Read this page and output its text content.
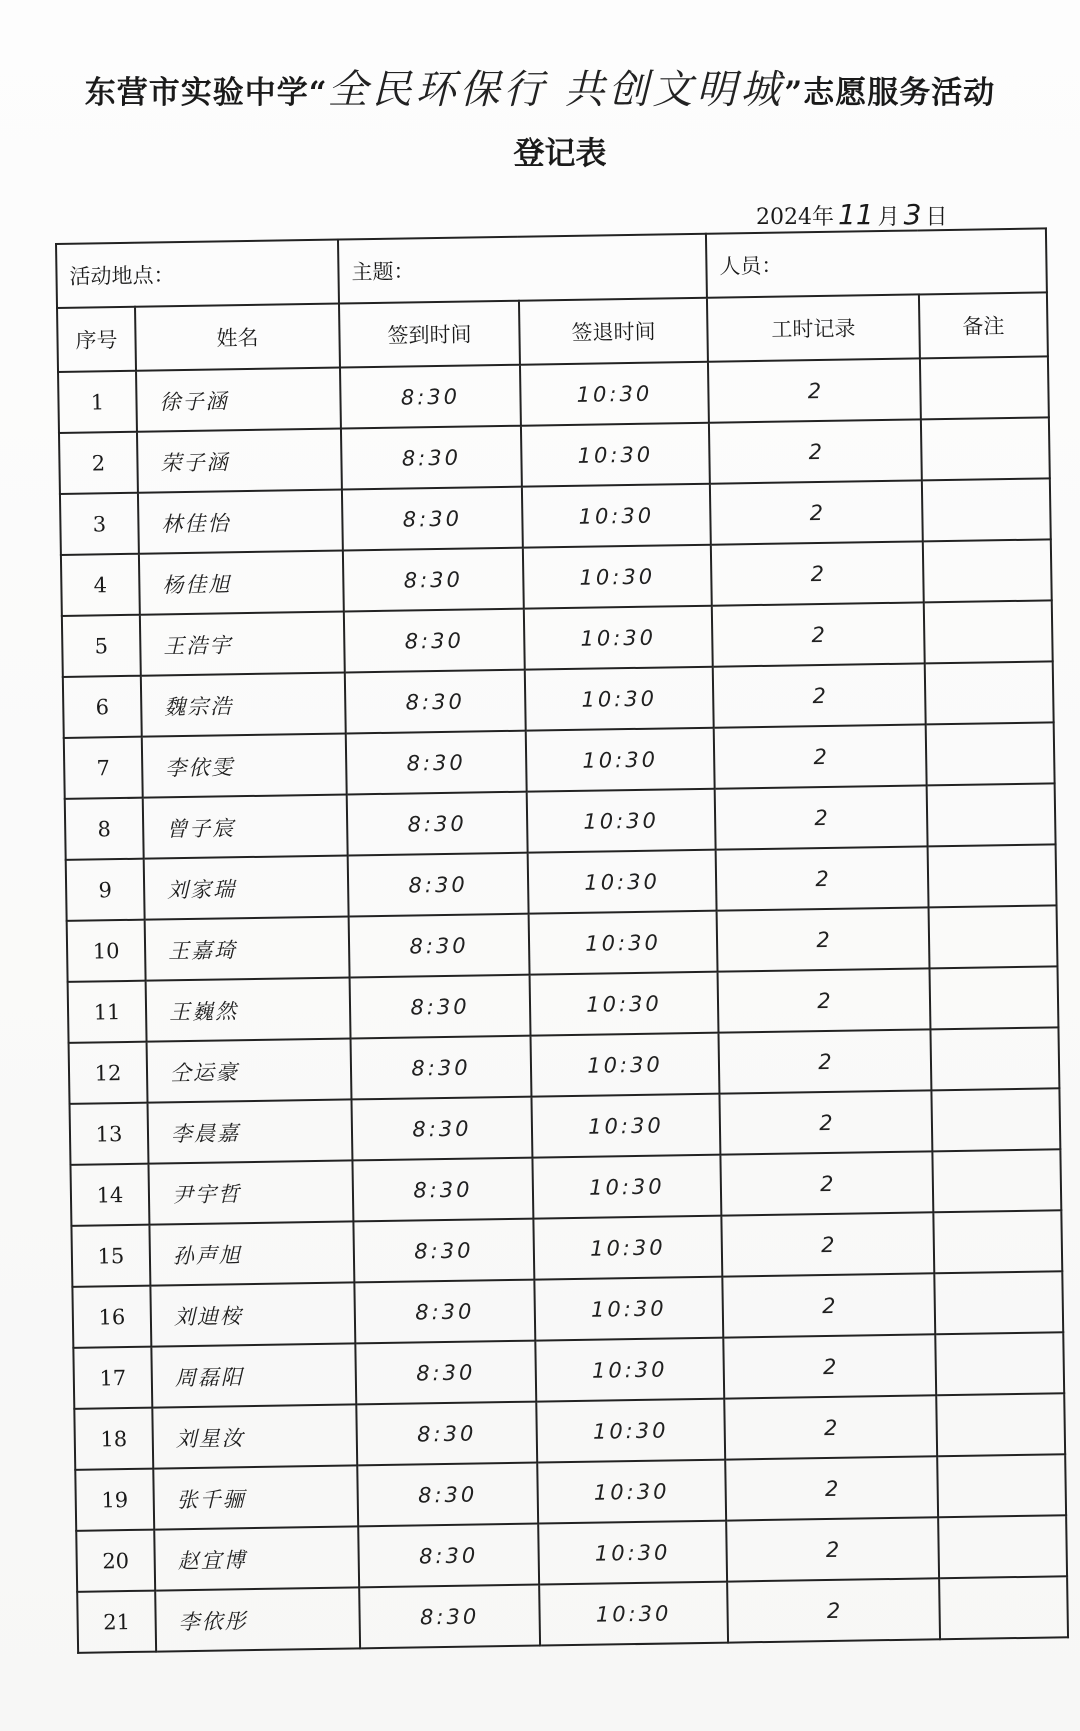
东营市实验中学“全民环保行 共创文明城”志愿服务活动
登记表
2024年 11 月 3 日
活动地点：		主题：		人员：	
序号	姓名	签到时间	签退时间	工时记录	备注
1	徐子涵	8:30	10:30	2	
2	荣子涵	8:30	10:30	2	
3	林佳怡	8:30	10:30	2	
4	杨佳旭	8:30	10:30	2	
5	王浩宇	8:30	10:30	2	
6	魏宗浩	8:30	10:30	2	
7	李依雯	8:30	10:30	2	
8	曾子宸	8:30	10:30	2	
9	刘家瑞	8:30	10:30	2	
10	王嘉琦	8:30	10:30	2	
11	王巍然	8:30	10:30	2	
12	仝运豪	8:30	10:30	2	
13	李晨嘉	8:30	10:30	2	
14	尹宇哲	8:30	10:30	2	
15	孙声旭	8:30	10:30	2	
16	刘迪桉	8:30	10:30	2	
17	周磊阳	8:30	10:30	2	
18	刘星汝	8:30	10:30	2	
19	张千骊	8:30	10:30	2	
20	赵宜博	8:30	10:30	2	
21	李依彤	8:30	10:30	2	
